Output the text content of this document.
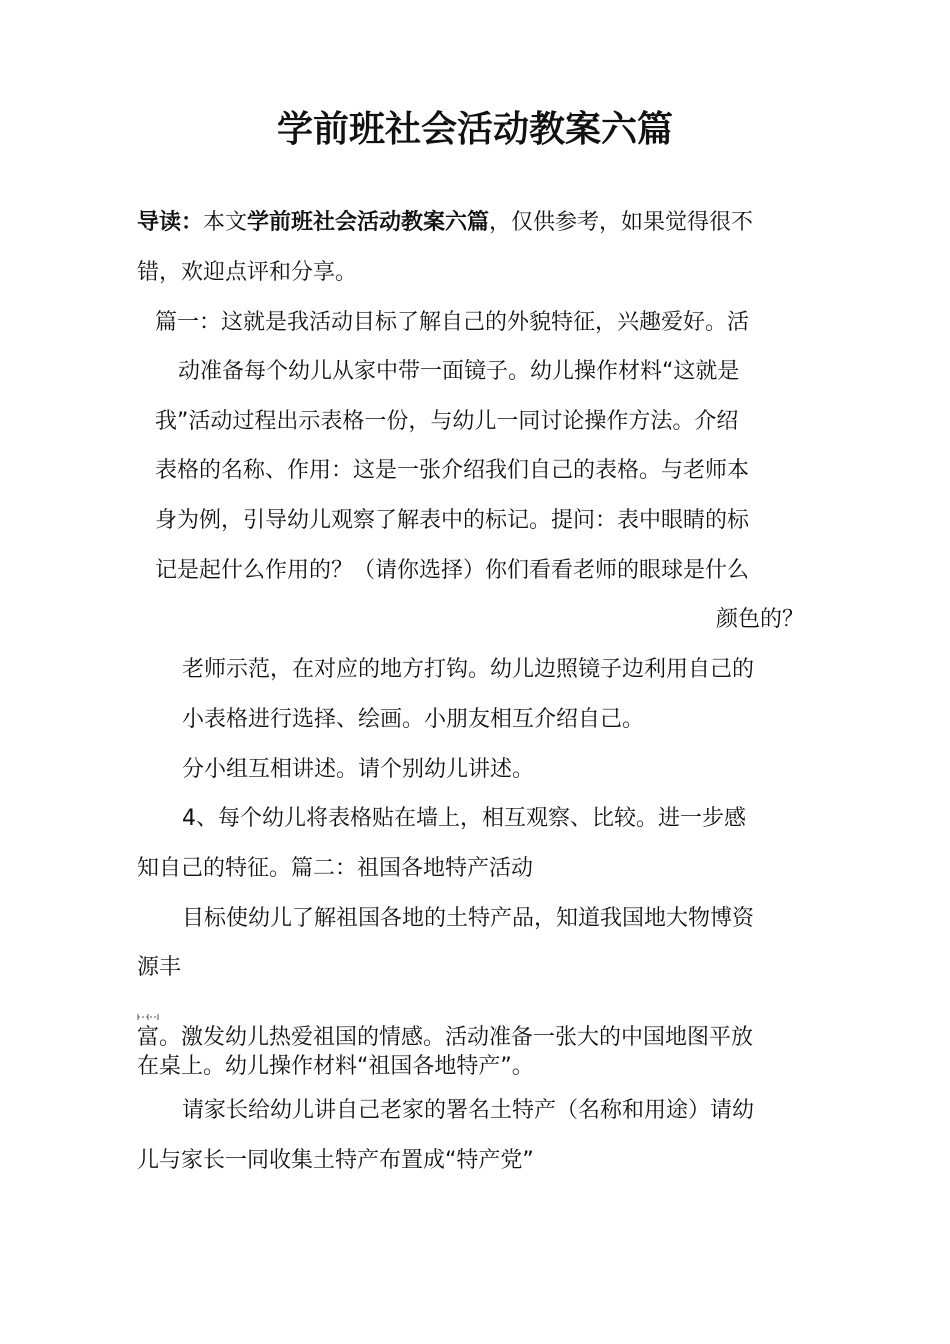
学前班社会活动教案六篇
导读：本文学前班社会活动教案六篇，仅供参考，如果觉得很不
错，欢迎点评和分享。
篇一：这就是我活动目标了解自己的外貌特征，兴趣爱好。活
动准备每个幼儿从家中带一面镜子。幼儿操作材料“这就是
我”活动过程出示表格一份，与幼儿一同讨论操作方法。介绍
表格的名称、作用：这是一张介绍我们自己的表格。与老师本
身为例，引导幼儿观察了解表中的标记。提问：表中眼睛的标
记是起什么作用的？（请你选择）你们看看老师的眼球是什么
颜色的？
老师示范，在对应的地方打钩。幼儿边照镜子边利用自己的
小表格进行选择、绘画。小朋友相互介绍自己。
分小组互相讲述。请个别幼儿讲述。
4、每个幼儿将表格贴在墙上，相互观察、比较。进一步感
知自己的特征。篇二：祖国各地特产活动
目标使幼儿了解祖国各地的土特产品，知道我国地大物博资
源丰
富。激发幼儿热爱祖国的情感。活动准备一张大的中国地图平放
在桌上。幼儿操作材料“祖国各地特产”。
请家长给幼儿讲自己老家的署名土特产（名称和用途）请幼
儿与家长一同收集土特产布置成“特产党”
